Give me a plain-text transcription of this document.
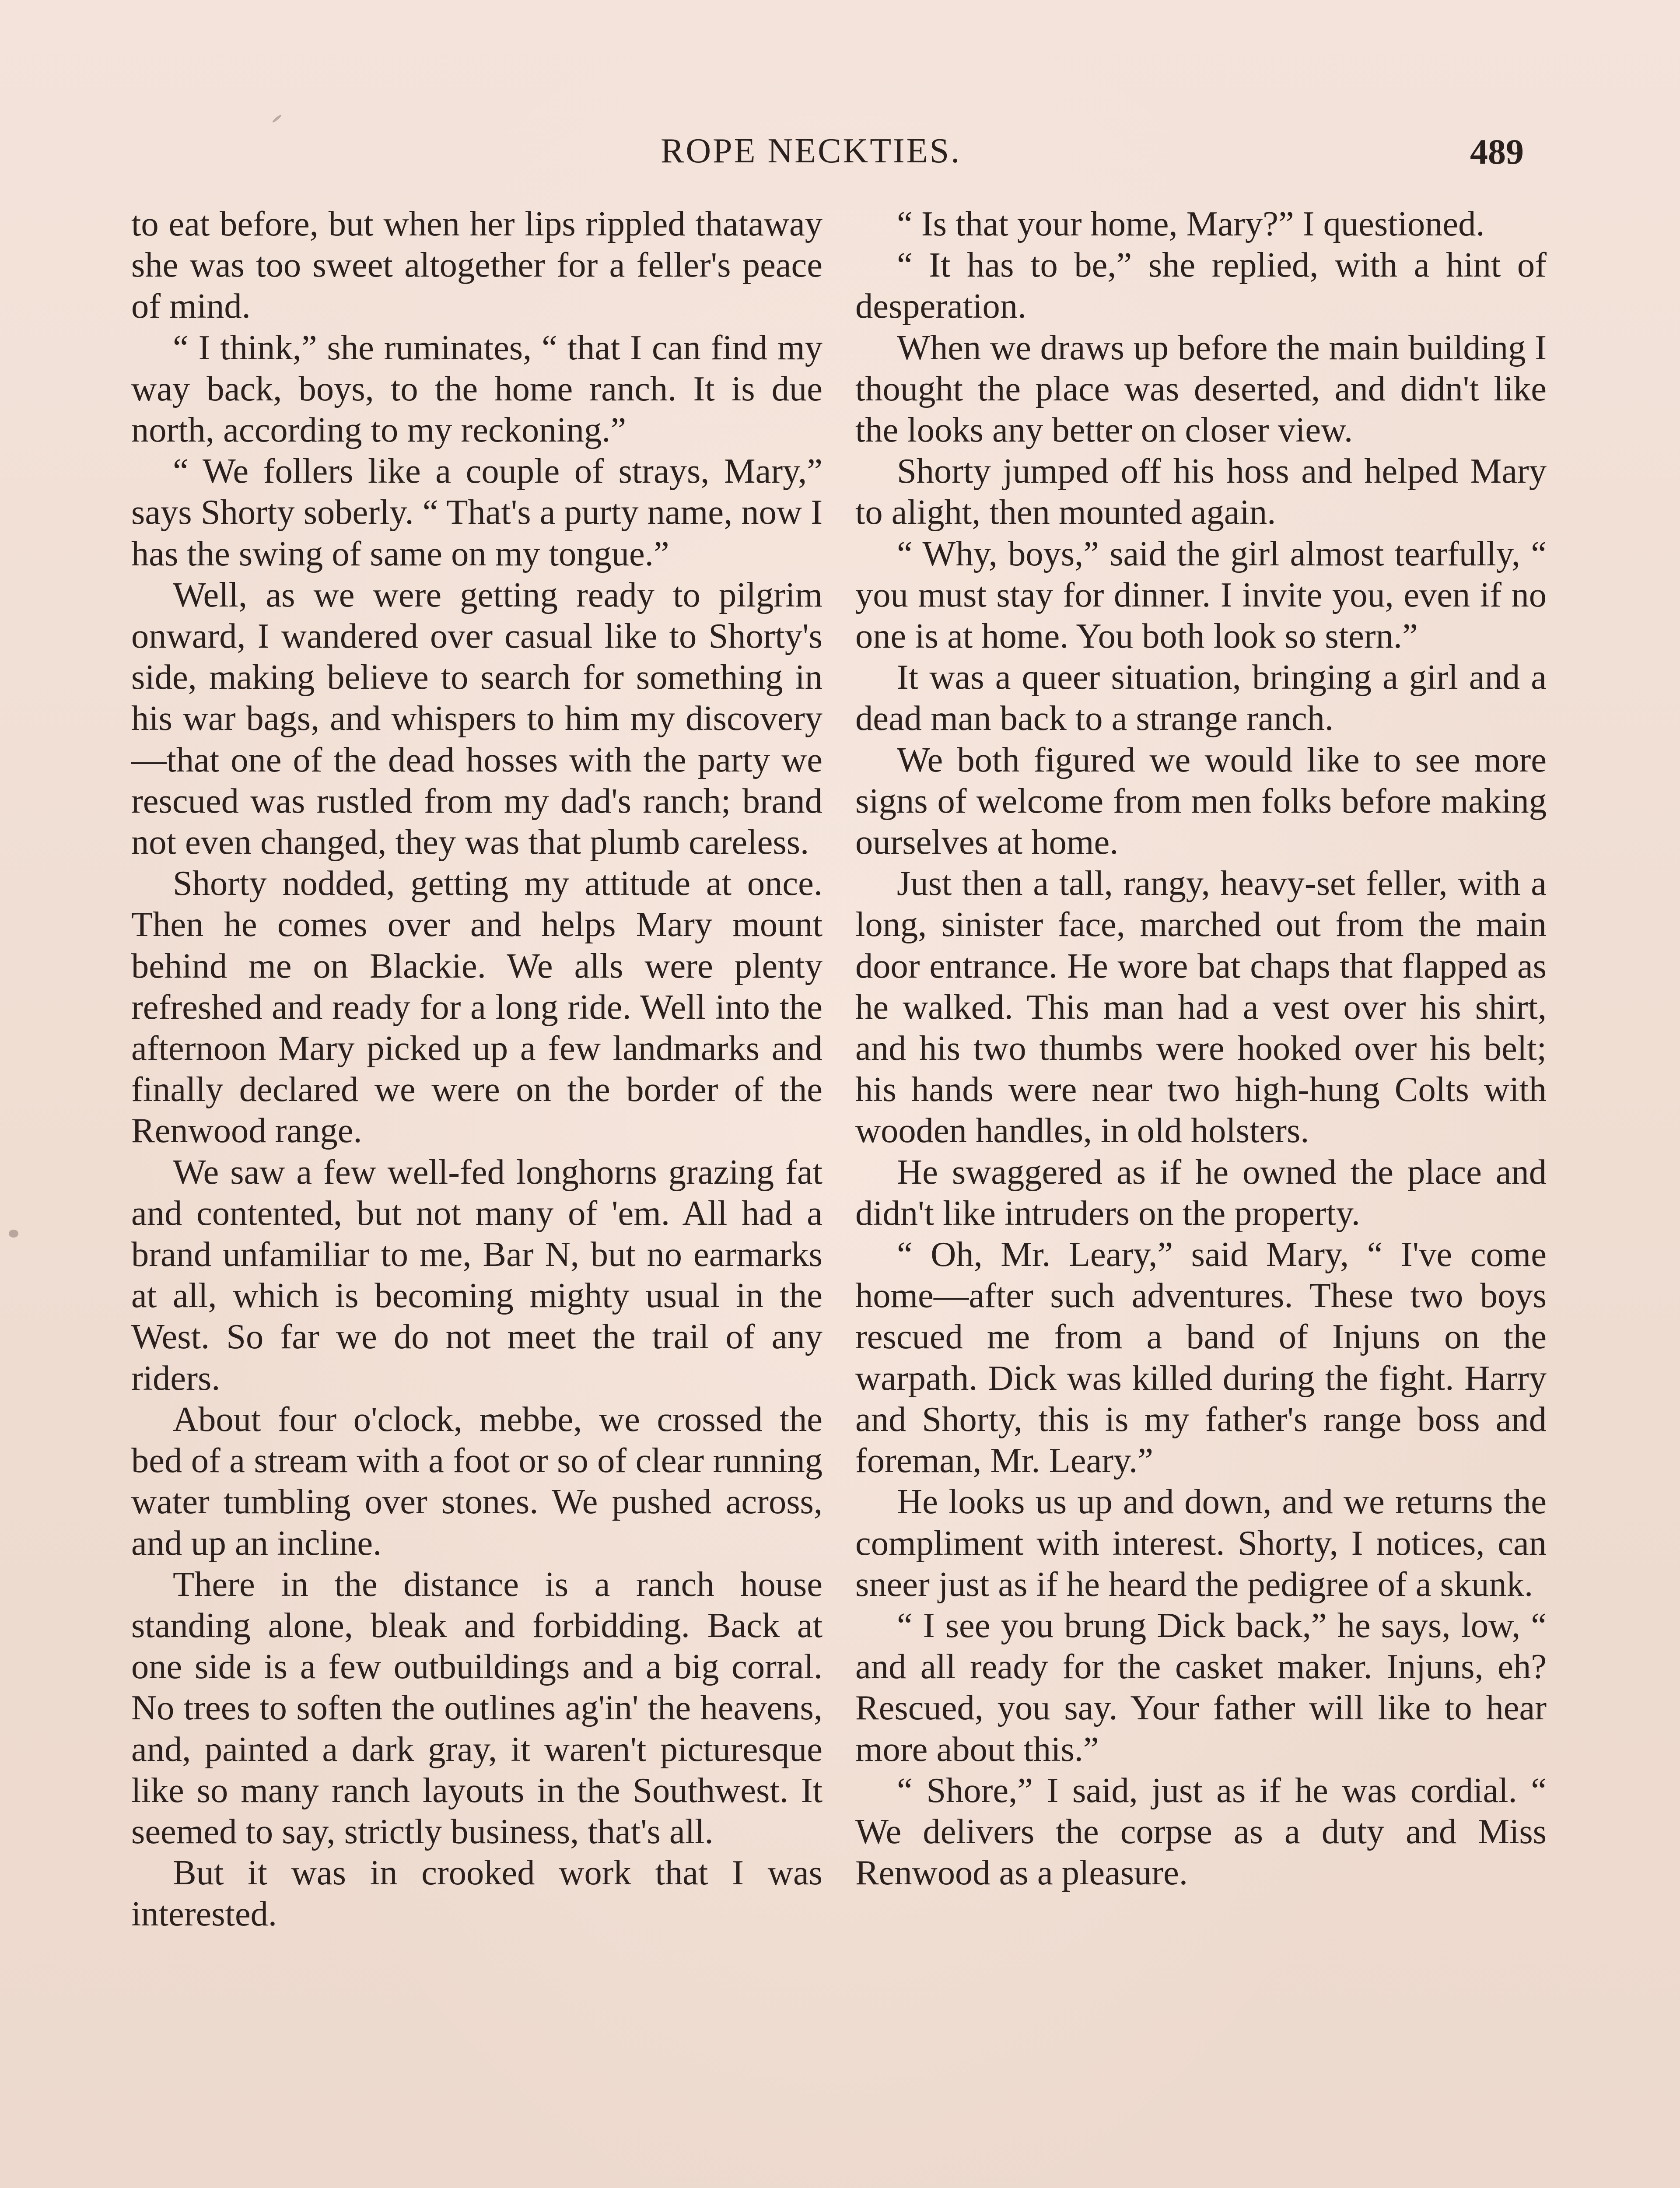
ROPE NECKTIES.	489

to eat before, but when her lips rippled thataway she was too sweet altogether for a feller's peace of mind.

“ I think,” she ruminates, “ that I can find my way back, boys, to the home ranch. It is due north, according to my reckoning.”

“ We follers like a couple of strays, Mary,” says Shorty soberly. “ That's a purty name, now I has the swing of same on my tongue.”

Well, as we were getting ready to pilgrim onward, I wandered over casual like to Shorty's side, making believe to search for something in his war bags, and whispers to him my discovery—that one of the dead hosses with the party we rescued was rustled from my dad's ranch; brand not even changed, they was that plumb careless.

Shorty nodded, getting my attitude at once. Then he comes over and helps Mary mount behind me on Blackie. We alls were plenty refreshed and ready for a long ride. Well into the afternoon Mary picked up a few landmarks and finally declared we were on the border of the Renwood range.

We saw a few well-fed longhorns grazing fat and contented, but not many of 'em. All had a brand unfamiliar to me, Bar N, but no earmarks at all, which is becoming mighty usual in the West. So far we do not meet the trail of any riders.

About four o'clock, mebbe, we crossed the bed of a stream with a foot or so of clear running water tumbling over stones. We pushed across, and up an incline.

There in the distance is a ranch house standing alone, bleak and forbidding. Back at one side is a few outbuildings and a big corral. No trees to soften the outlines ag'in' the heavens, and, painted a dark gray, it waren't picturesque like so many ranch layouts in the Southwest. It seemed to say, strictly business, that's all.

But it was in crooked work that I was interested.

“ Is that your home, Mary?” I questioned.

“ It has to be,” she replied, with a hint of desperation.

When we draws up before the main building I thought the place was deserted, and didn't like the looks any better on closer view.

Shorty jumped off his hoss and helped Mary to alight, then mounted again.

“ Why, boys,” said the girl almost tearfully, “ you must stay for dinner. I invite you, even if no one is at home. You both look so stern.”

It was a queer situation, bringing a girl and a dead man back to a strange ranch.

We both figured we would like to see more signs of welcome from men folks before making ourselves at home.

Just then a tall, rangy, heavy-set feller, with a long, sinister face, marched out from the main door entrance. He wore bat chaps that flapped as he walked. This man had a vest over his shirt, and his two thumbs were hooked over his belt; his hands were near two high-hung Colts with wooden handles, in old holsters.

He swaggered as if he owned the place and didn't like intruders on the property.

“ Oh, Mr. Leary,” said Mary, “ I've come home—after such adventures. These two boys rescued me from a band of Injuns on the warpath. Dick was killed during the fight. Harry and Shorty, this is my father's range boss and foreman, Mr. Leary.”

He looks us up and down, and we returns the compliment with interest. Shorty, I notices, can sneer just as if he heard the pedigree of a skunk.

“ I see you brung Dick back,” he says, low, “ and all ready for the casket maker. Injuns, eh? Rescued, you say. Your father will like to hear more about this.”

“ Shore,” I said, just as if he was cordial. “ We delivers the corpse as a duty and Miss Renwood as a pleasure.
